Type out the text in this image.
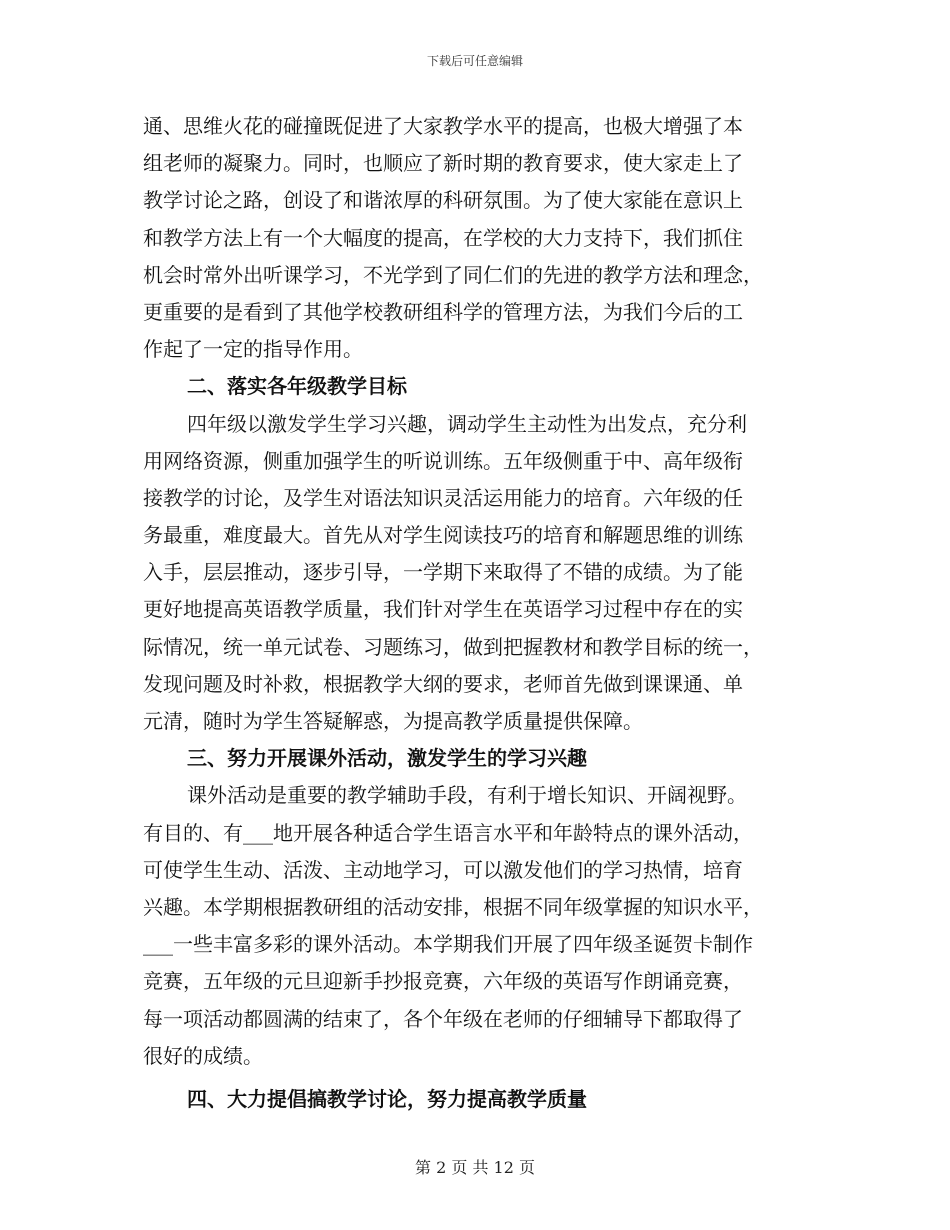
下载后可任意编辑
通、思维火花的碰撞既促进了大家教学水平的提高，也极大增强了本
组老师的凝聚力。同时，也顺应了新时期的教育要求，使大家走上了
教学讨论之路，创设了和谐浓厚的科研氛围。为了使大家能在意识上
和教学方法上有一个大幅度的提高，在学校的大力支持下，我们抓住
机会时常外出听课学习，不光学到了同仁们的先进的教学方法和理念，
更重要的是看到了其他学校教研组科学的管理方法，为我们今后的工
作起了一定的指导作用。
二、落实各年级教学目标
四年级以激发学生学习兴趣，调动学生主动性为出发点，充分利
用网络资源，侧重加强学生的听说训练。五年级侧重于中、高年级衔
接教学的讨论，及学生对语法知识灵活运用能力的培育。六年级的任
务最重，难度最大。首先从对学生阅读技巧的培育和解题思维的训练
入手，层层推动，逐步引导，一学期下来取得了不错的成绩。为了能
更好地提高英语教学质量，我们针对学生在英语学习过程中存在的实
际情况，统一单元试卷、习题练习，做到把握教材和教学目标的统一，
发现问题及时补救，根据教学大纲的要求，老师首先做到课课通、单
元清，随时为学生答疑解惑，为提高教学质量提供保障。
三、努力开展课外活动，激发学生的学习兴趣
课外活动是重要的教学辅助手段，有利于增长知识、开阔视野。
有目的、有___地开展各种适合学生语言水平和年龄特点的课外活动，
可使学生生动、活泼、主动地学习，可以激发他们的学习热情，培育
兴趣。本学期根据教研组的活动安排，根据不同年级掌握的知识水平，
___一些丰富多彩的课外活动。本学期我们开展了四年级圣诞贺卡制作
竞赛，五年级的元旦迎新手抄报竞赛，六年级的英语写作朗诵竞赛，
每一项活动都圆满的结束了，各个年级在老师的仔细辅导下都取得了
很好的成绩。
四、大力提倡搞教学讨论，努力提高教学质量
第 2 页 共 12 页
